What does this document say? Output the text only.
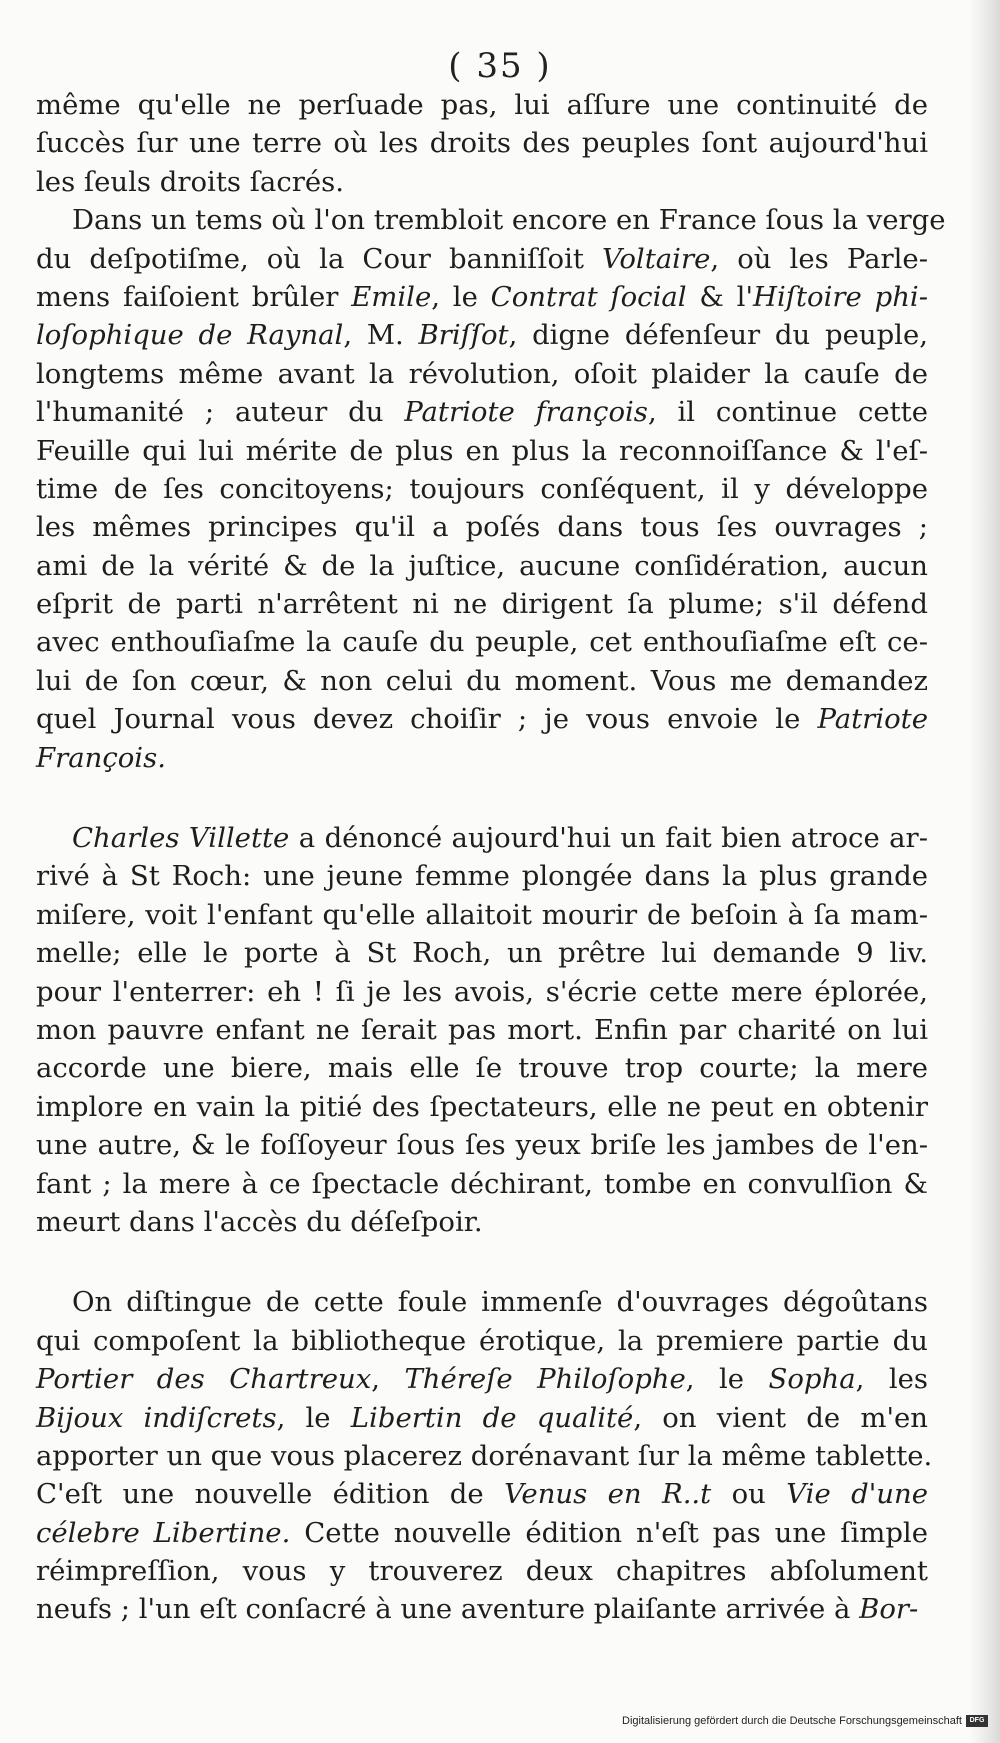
( 35 )
même qu'elle ne perſuade pas, lui aſſure une continuité de
ſuccès ſur une terre où les droits des peuples ſont aujourd'hui
les ſeuls droits ſacrés.
Dans un tems où l'on trembloit encore en France ſous la verge
du deſpotiſme, où la Cour banniſſoit Voltaire, où les Parle-
mens faiſoient brûler Emile, le Contrat ſocial & l'Hiſtoire phi-
loſophique de Raynal, M. Briſſot, digne défenſeur du peuple,
longtems même avant la révolution, oſoit plaider la cauſe de
l'humanité ; auteur du Patriote françois, il continue cette
Feuille qui lui mérite de plus en plus la reconnoiſſance & l'eſ-
time de ſes concitoyens; toujours conſéquent, il y développe
les mêmes principes qu'il a poſés dans tous ſes ouvrages ;
ami de la vérité & de la juſtice, aucune conſidération, aucun
eſprit de parti n'arrêtent ni ne dirigent ſa plume; s'il défend
avec enthouſiaſme la cauſe du peuple, cet enthouſiaſme eſt ce-
lui de ſon cœur, & non celui du moment. Vous me demandez
quel Journal vous devez choiſir ; je vous envoie le Patriote
François.
Charles Villette a dénoncé aujourd'hui un fait bien atroce ar-
rivé à St Roch: une jeune femme plongée dans la plus grande
miſere, voit l'enfant qu'elle allaitoit mourir de beſoin à ſa mam-
melle; elle le porte à St Roch, un prêtre lui demande 9 liv.
pour l'enterrer: eh ! ſi je les avois, s'écrie cette mere éplorée,
mon pauvre enfant ne ſerait pas mort. Enfin par charité on lui
accorde une biere, mais elle ſe trouve trop courte; la mere
implore en vain la pitié des ſpectateurs, elle ne peut en obtenir
une autre, & le foſſoyeur ſous ſes yeux briſe les jambes de l'en-
fant ; la mere à ce ſpectacle déchirant, tombe en convulſion &
meurt dans l'accès du déſeſpoir.
On diſtingue de cette foule immenſe d'ouvrages dégoûtans
qui compoſent la bibliotheque érotique, la premiere partie du
Portier des Chartreux, Théreſe Philoſophe, le Sopha, les
Bijoux indiſcrets, le Libertin de qualité, on vient de m'en
apporter un que vous placerez dorénavant ſur la même tablette.
C'eſt une nouvelle édition de Venus en R..t ou Vie d'une
célebre Libertine. Cette nouvelle édition n'eſt pas une ſimple
réimpreſſion, vous y trouverez deux chapitres abſolument
neufs ; l'un eſt conſacré à une aventure plaiſante arrivée à Bor-
Digitalisierung gefördert durch die Deutsche Forschungsgemeinschaft	DFG
